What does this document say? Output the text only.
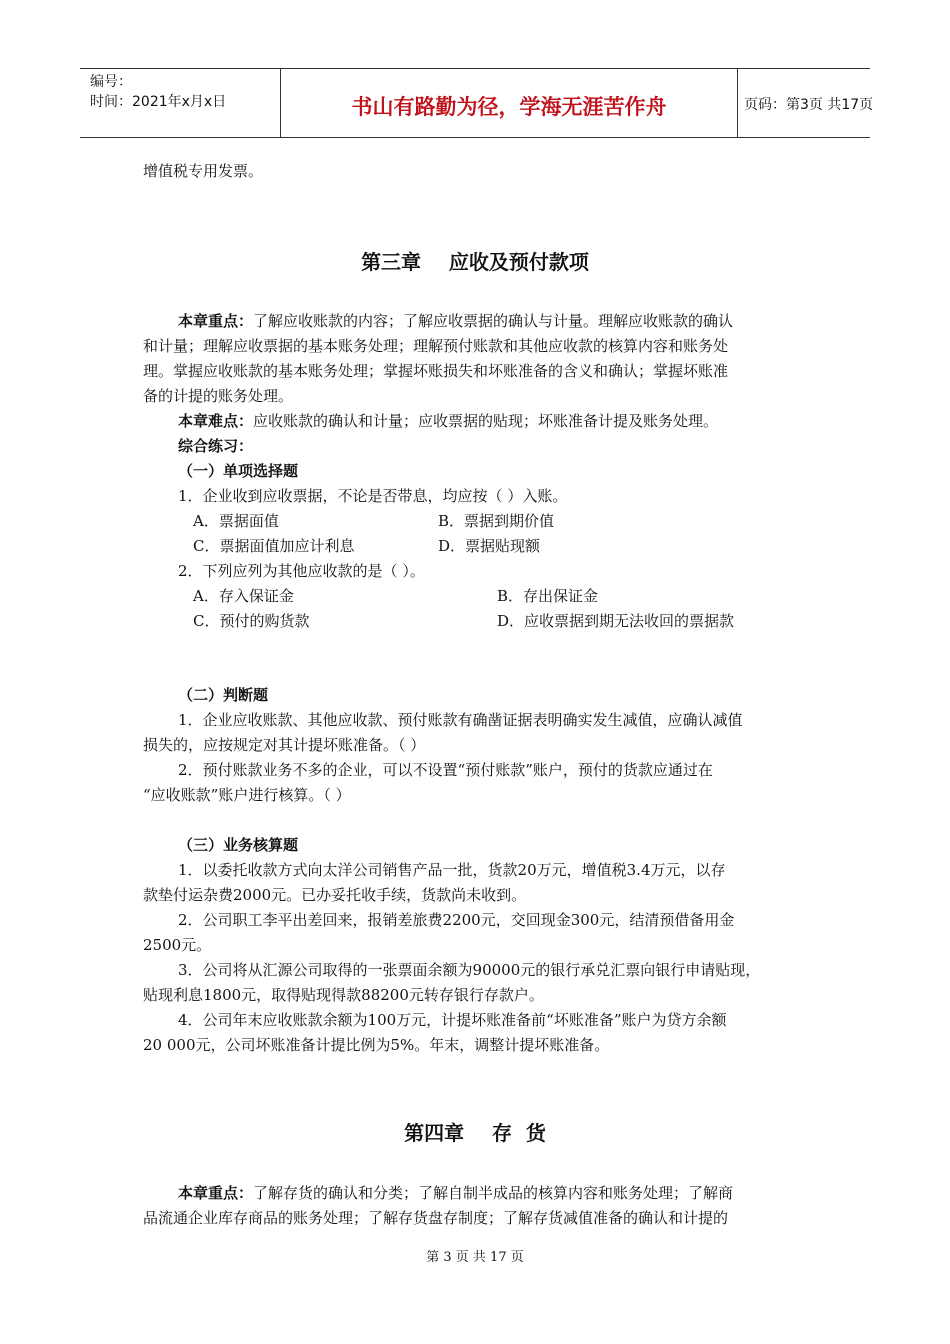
编号：
时间：2021年x月x日	书山有路勤为径，学海无涯苦作舟	页码：第3页 共17页
增值税专用发票。
第三章    应收及预付款项
本章重点：了解应收账款的内容；了解应收票据的确认与计量。理解应收账款的确认
和计量；理解应收票据的基本账务处理；理解预付账款和其他应收款的核算内容和账务处
理。掌握应收账款的基本账务处理；掌握坏账损失和坏账准备的含义和确认；掌握坏账准
备的计提的账务处理。
本章难点：应收账款的确认和计量；应收票据的贴现；坏账准备计提及账务处理。
综合练习：
（一）单项选择题
1．企业收到应收票据，不论是否带息，均应按（ ）入账。
A．票据面值	B．票据到期价值
C．票据面值加应计利息	D．票据贴现额
2．下列应列为其他应收款的是（ ）。
A．存入保证金	B．存出保证金
C．预付的购货款	D．应收票据到期无法收回的票据款
（二）判断题
1．企业应收账款、其他应收款、预付账款有确凿证据表明确实发生减值，应确认减值
损失的，应按规定对其计提坏账准备。（ ）
2．预付账款业务不多的企业，可以不设置“预付账款”账户，预付的货款应通过在
“应收账款”账户进行核算。（ ）
（三）业务核算题
1．以委托收款方式向太洋公司销售产品一批，货款20万元，增值税3.4万元，以存
款垫付运杂费2000元。已办妥托收手续，货款尚未收到。
2．公司职工李平出差回来，报销差旅费2200元，交回现金300元，结清预借备用金
2500元。
3．公司将从汇源公司取得的一张票面余额为90000元的银行承兑汇票向银行申请贴现，
贴现利息1800元，取得贴现得款88200元转存银行存款户。
4．公司年末应收账款余额为100万元，计提坏账准备前“坏账准备”账户为贷方余额
20 000元，公司坏账准备计提比例为5%。年末，调整计提坏账准备。
第四章    存  货
本章重点：了解存货的确认和分类；了解自制半成品的核算内容和账务处理；了解商
品流通企业库存商品的账务处理；了解存货盘存制度；了解存货减值准备的确认和计提的
第 3 页 共 17 页
